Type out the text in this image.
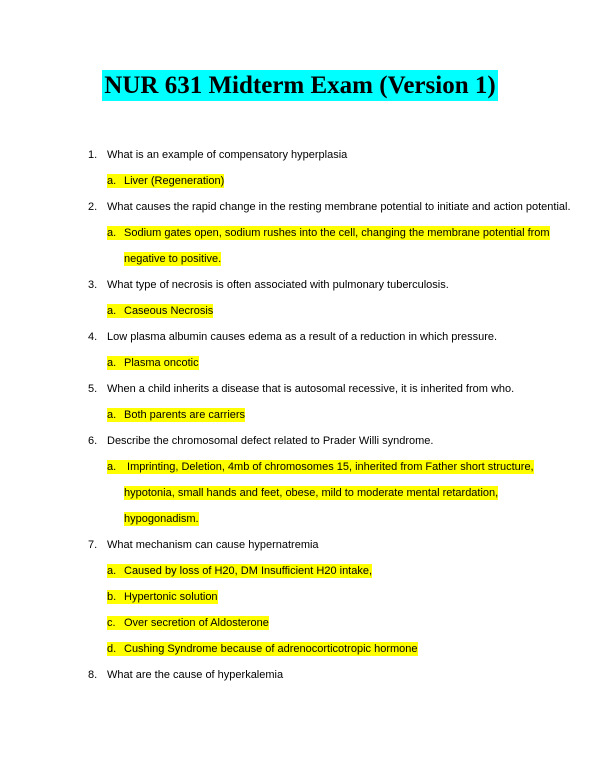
NUR 631 Midterm Exam (Version 1)
1. What is an example of compensatory hyperplasia
a. Liver (Regeneration)
2. What causes the rapid change in the resting membrane potential to initiate and action potential.
a. Sodium gates open, sodium rushes into the cell, changing the membrane potential from
negative to positive.
3. What type of necrosis is often associated with pulmonary tuberculosis.
a. Caseous Necrosis
4. Low plasma albumin causes edema as a result of a reduction in which pressure.
a. Plasma oncotic
5. When a child inherits a disease that is autosomal recessive, it is inherited from who.
a. Both parents are carriers
6. Describe the chromosomal defect related to Prader Willi syndrome.
a. Imprinting, Deletion, 4mb of chromosomes 15, inherited from Father short structure,
hypotonia, small hands and feet, obese, mild to moderate mental retardation,
hypogonadism.
7. What mechanism can cause hypernatremia
a. Caused by loss of H20, DM Insufficient H20 intake,
b. Hypertonic solution
c. Over secretion of Aldosterone
d. Cushing Syndrome because of adrenocorticotropic hormone
8. What are the cause of hyperkalemia
